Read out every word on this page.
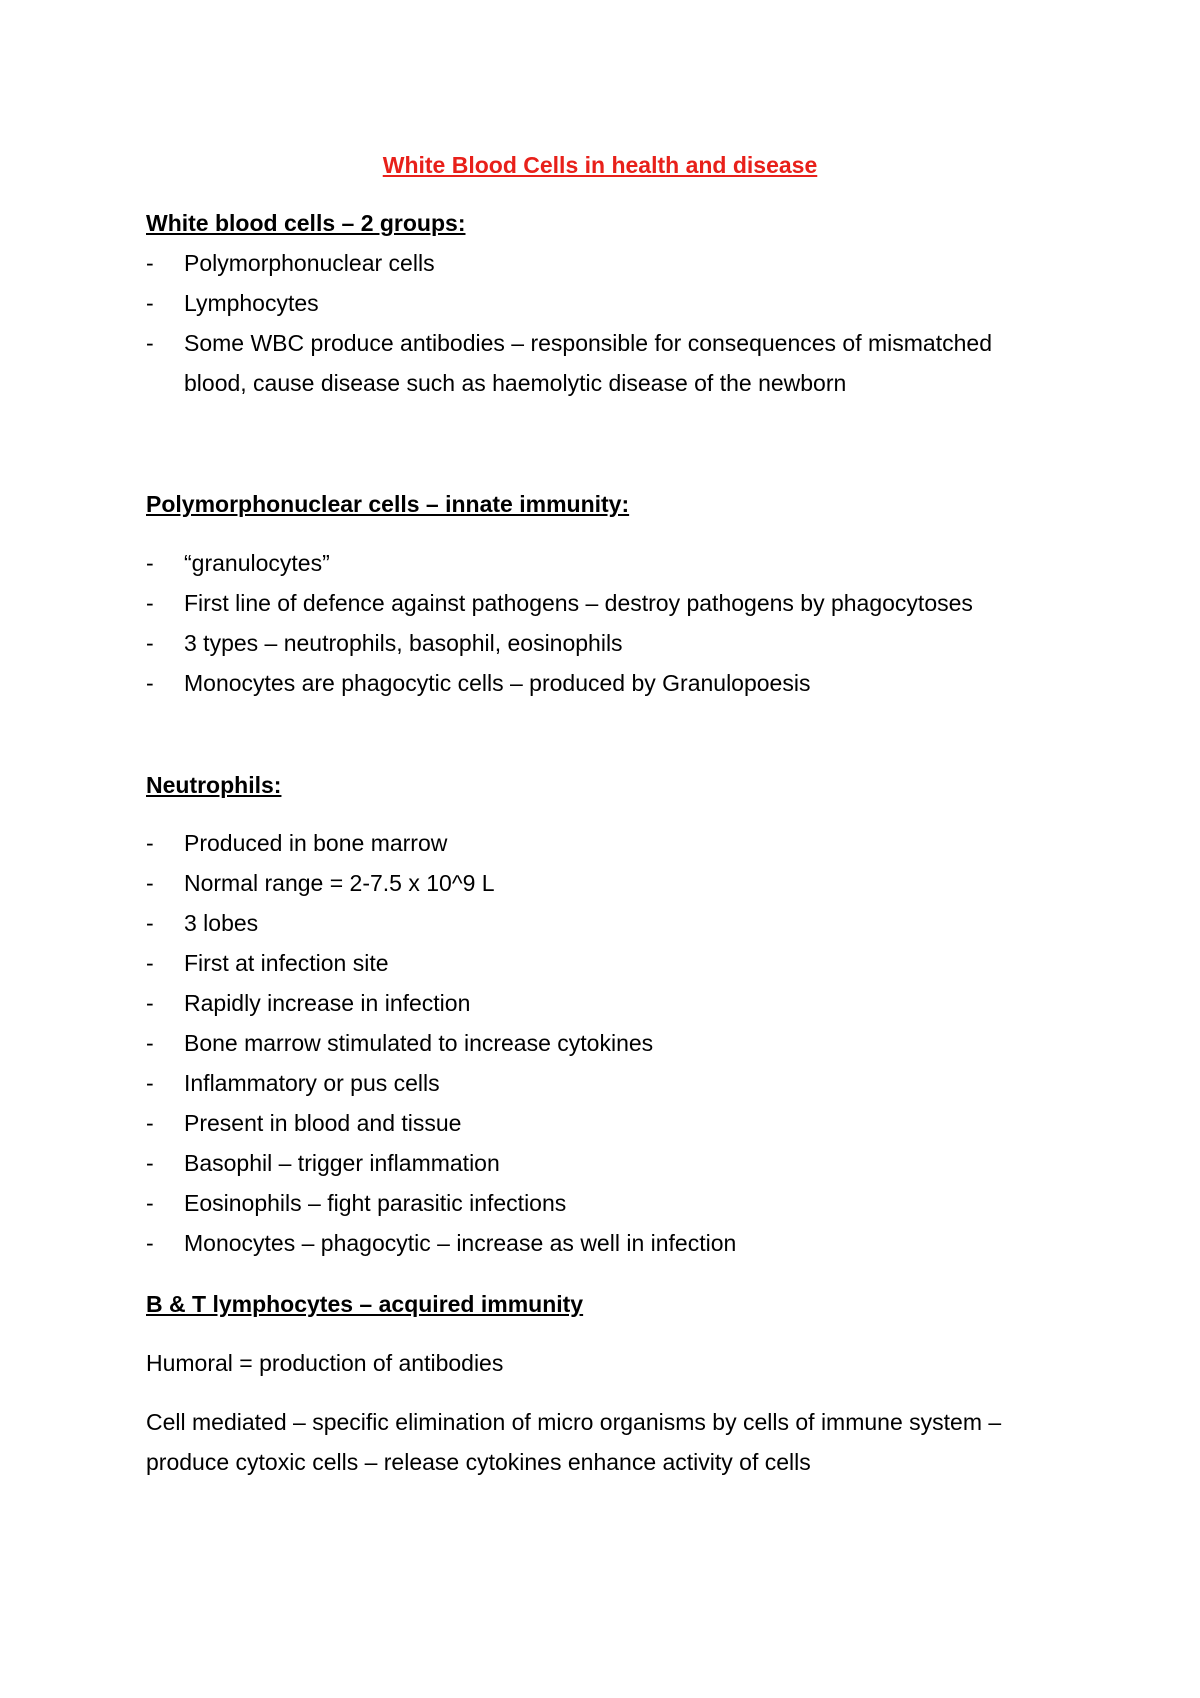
White Blood Cells in health and disease
White blood cells – 2 groups:
- Polymorphonuclear cells
- Lymphocytes
- Some WBC produce antibodies – responsible for consequences of mismatched blood, cause disease such as haemolytic disease of the newborn
Polymorphonuclear cells – innate immunity:
- “granulocytes”
- First line of defence against pathogens – destroy pathogens by phagocytoses
- 3 types – neutrophils, basophil, eosinophils
- Monocytes are phagocytic cells – produced by Granulopoesis
Neutrophils:
- Produced in bone marrow
- Normal range = 2-7.5 x 10^9 L
- 3 lobes
- First at infection site
- Rapidly increase in infection
- Bone marrow stimulated to increase cytokines
- Inflammatory or pus cells
- Present in blood and tissue
- Basophil – trigger inflammation
- Eosinophils – fight parasitic infections
- Monocytes – phagocytic – increase as well in infection
B & T lymphocytes – acquired immunity

Humoral = production of antibodies

Cell mediated – specific elimination of micro organisms by cells of immune system – produce cytoxic cells – release cytokines enhance activity of cells
